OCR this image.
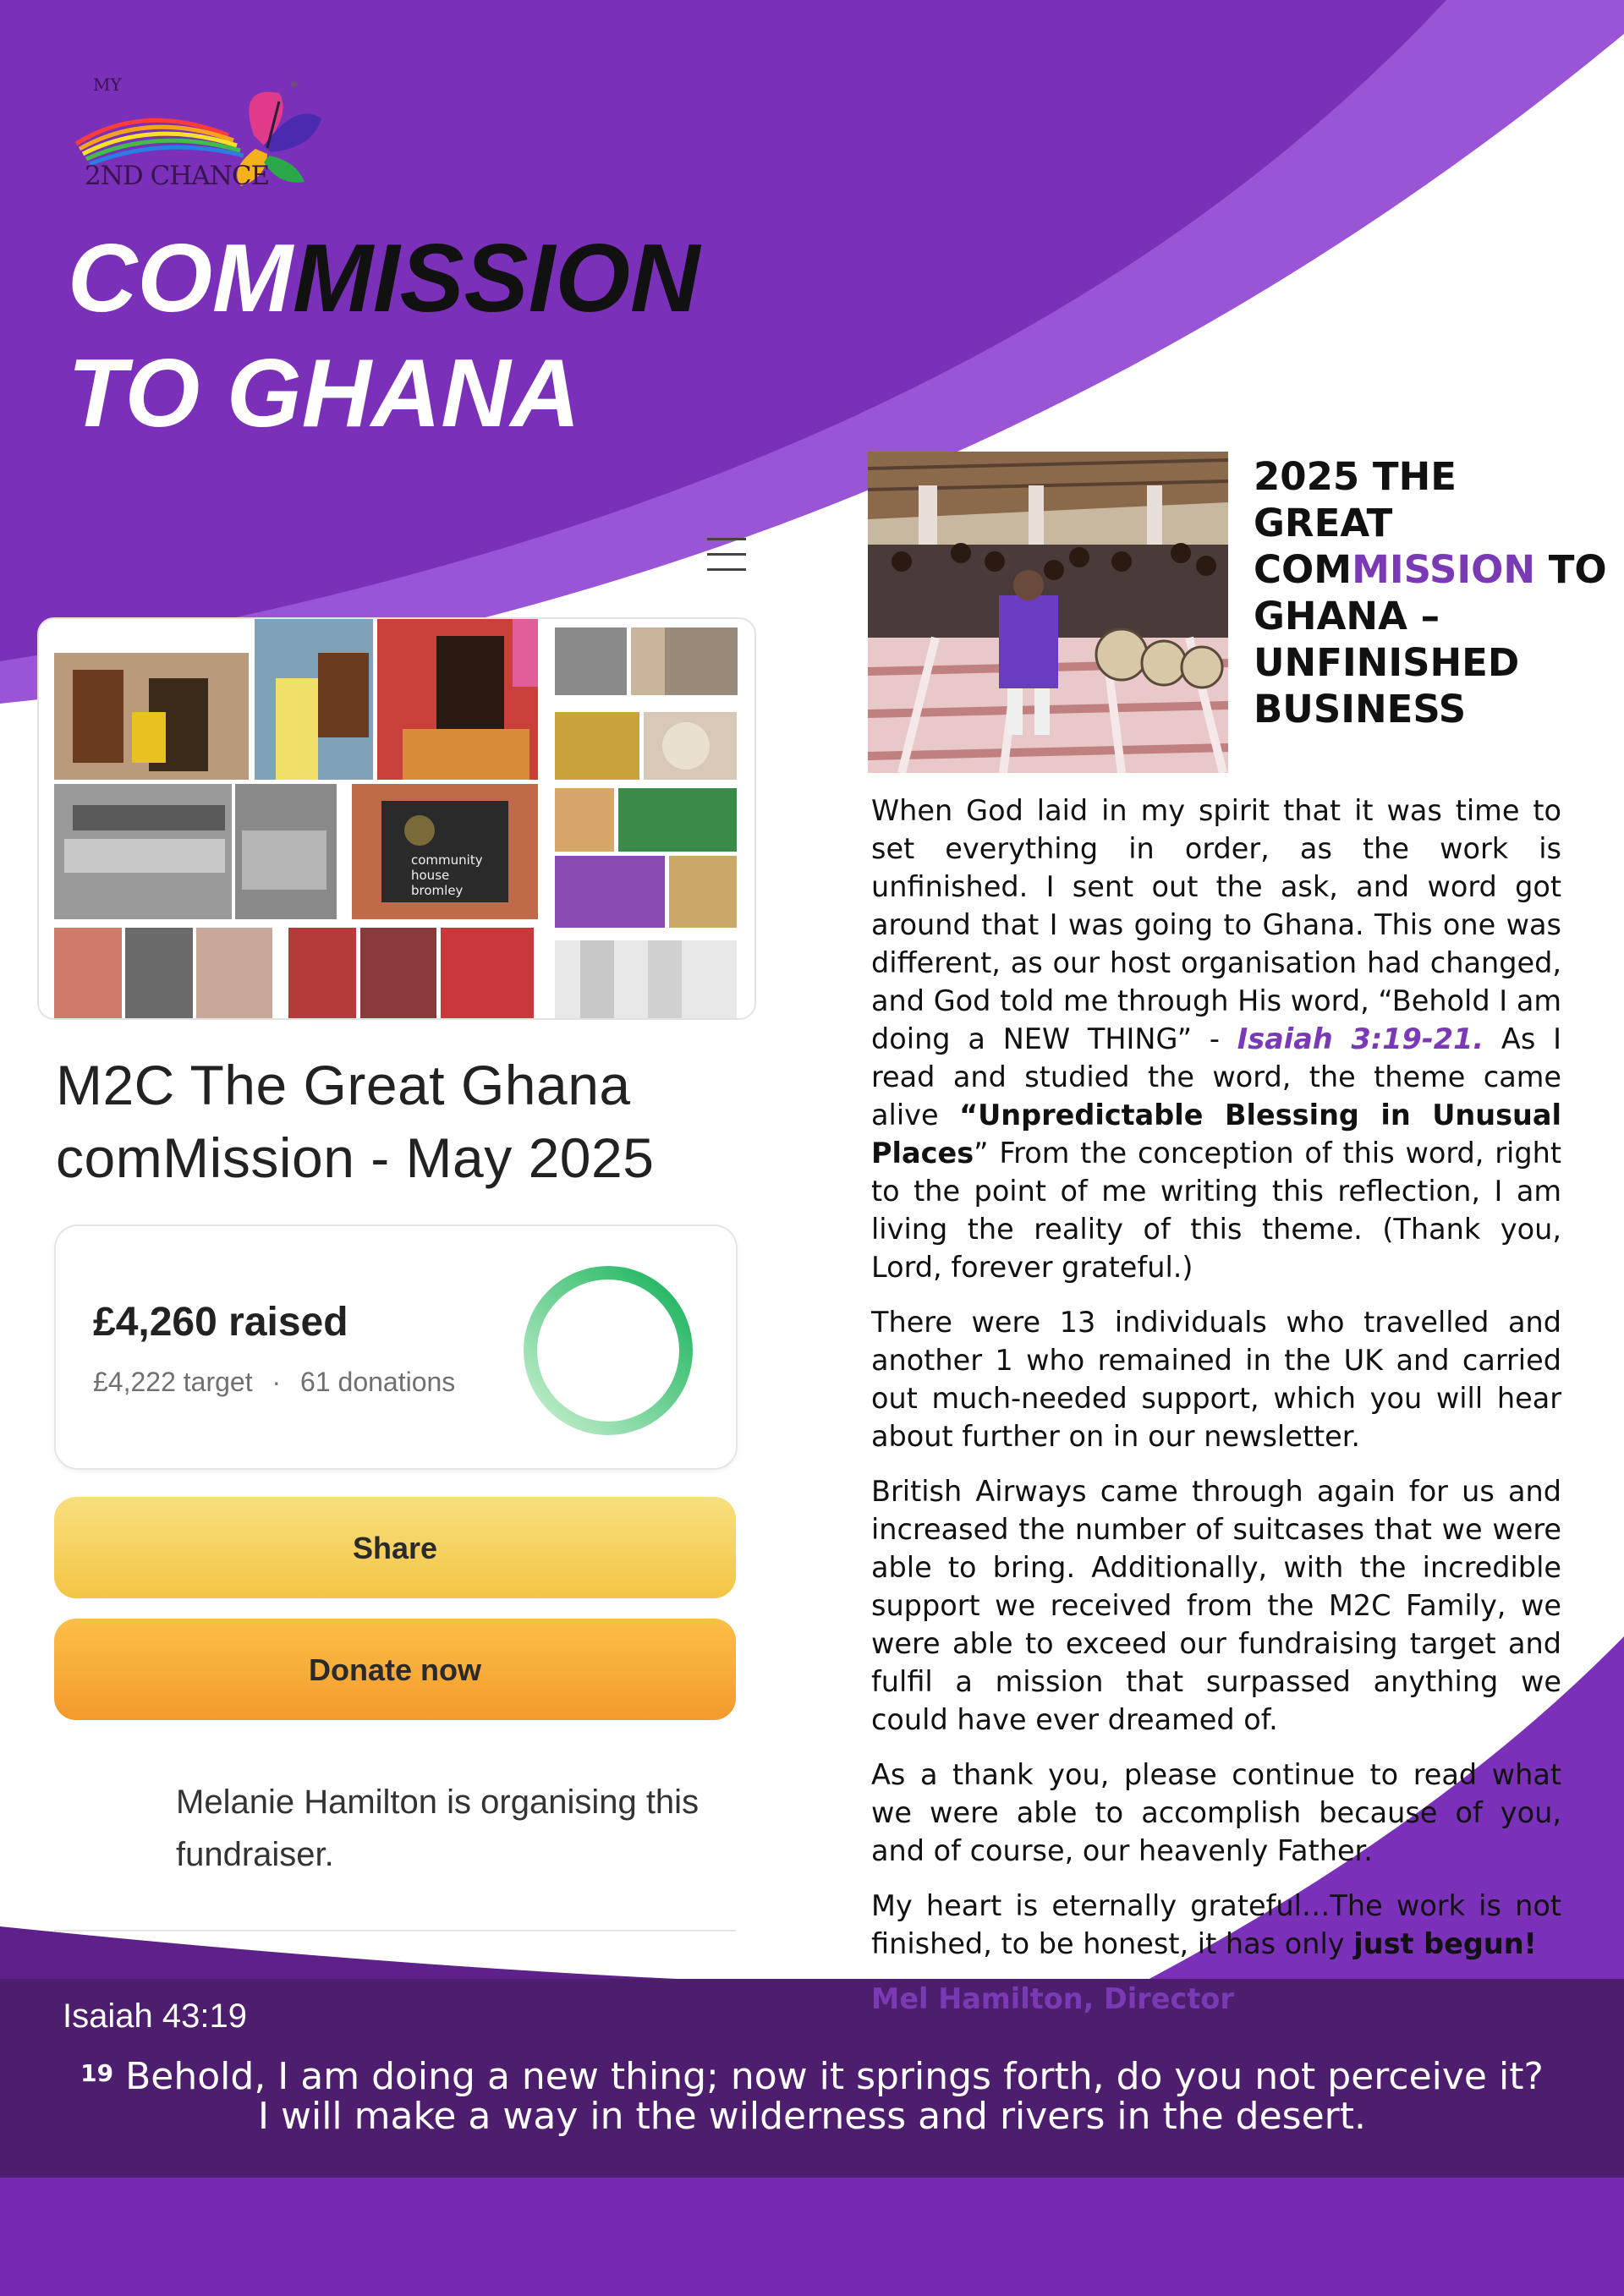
✦
MY
2ND CHANCE
COMMISSION
TO GHANA
community
house
bromley
M2C The Great Ghana comMission - May 2025
£4,260 raised
£4,222 target · 61 donations
Share
Donate now
Melanie Hamilton is organising this fundraiser.
2025 THE GREAT COMMISSION TO GHANA – UNFINISHED BUSINESS

When God laid in my spirit that it was time to set everything in order, as the work is unfinished. I sent out the ask, and word got around that I was going to Ghana. This one was different, as our host organisation had changed, and God told me through His word, “Behold I am doing a NEW THING” - Isaiah 3:19-21. As I read and studied the word, the theme came alive “Unpredictable Blessing in Unusual Places” From the conception of this word, right to the point of me writing this reflection, I am living the reality of this theme. (Thank you, Lord, forever grateful.)

There were 13 individuals who travelled and another 1 who remained in the UK and carried out much-needed support, which you will hear about further on in our newsletter.

British Airways came through again for us and increased the number of suitcases that we were able to bring. Additionally, with the incredible support we received from the M2C Family, we were able to exceed our fundraising target and fulfil a mission that surpassed anything we could have ever dreamed of.

As a thank you, please continue to read what we were able to accomplish because of you, and of course, our heavenly Father.

My heart is eternally grateful…The work is not finished, to be honest, it has only just begun!

Mel Hamilton, Director

Isaiah 43:19
$^{19}$ Behold, I am doing a new thing; now it springs forth, do you not perceive it?
I will make a way in the wilderness and rivers in the desert.
